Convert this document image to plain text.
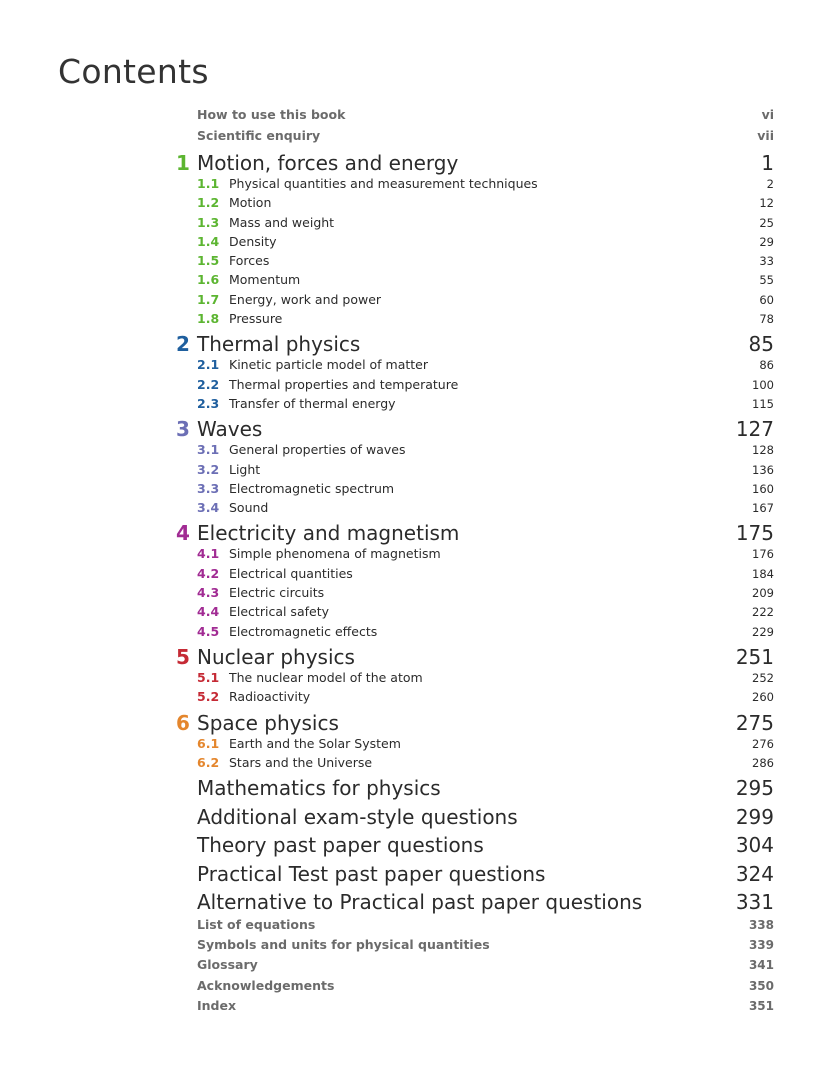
Contents
How to use this book	vi
Scientific enquiry	vii
1 Motion, forces and energy	1
1.1 Physical quantities and measurement techniques	2
1.2 Motion	12
1.3 Mass and weight	25
1.4 Density	29
1.5 Forces	33
1.6 Momentum	55
1.7 Energy, work and power	60
1.8 Pressure	78
2 Thermal physics	85
2.1 Kinetic particle model of matter	86
2.2 Thermal properties and temperature	100
2.3 Transfer of thermal energy	115
3 Waves	127
3.1 General properties of waves	128
3.2 Light	136
3.3 Electromagnetic spectrum	160
3.4 Sound	167
4 Electricity and magnetism	175
4.1 Simple phenomena of magnetism	176
4.2 Electrical quantities	184
4.3 Electric circuits	209
4.4 Electrical safety	222
4.5 Electromagnetic effects	229
5 Nuclear physics	251
5.1 The nuclear model of the atom	252
5.2 Radioactivity	260
6 Space physics	275
6.1 Earth and the Solar System	276
6.2 Stars and the Universe	286
Mathematics for physics	295
Additional exam-style questions	299
Theory past paper questions	304
Practical Test past paper questions	324
Alternative to Practical past paper questions	331
List of equations	338
Symbols and units for physical quantities	339
Glossary	341
Acknowledgements	350
Index	351
